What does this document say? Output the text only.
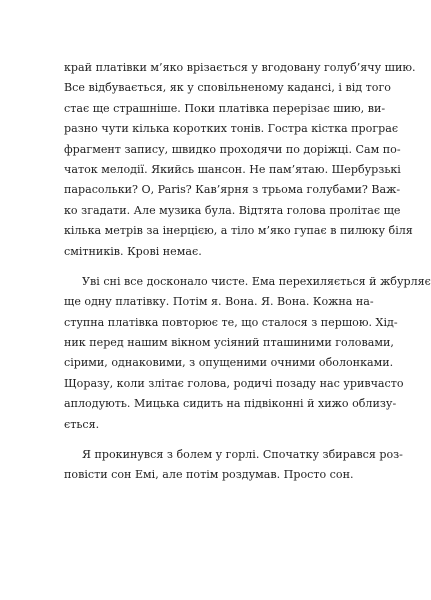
край платівки м’яко врізається у вгодовану голуб’ячу шию.
Все відбувається, як у сповільненому кадансі, і від того
стає ще страшніше. Поки платівка перерізає шию, ви-
разно чути кілька коротких тонів. Гостра кістка програє
фрагмент запису, швидко проходячи по доріжці. Сам по-
чаток мелодії. Якийсь шансон. Не пам’ятаю. Шербурзькі
парасольки? О, Paris? Кав’ярня з трьома голубами? Важ-
ко згадати. Але музика була. Відтята голова пролітає ще
кілька метрів за інерцією, а тіло м’яко гупає в пилюку біля
смітників. Крові немає.
Уві сні все досконало чисте. Ема перехиляється й жбурляє
ще одну платівку. Потім я. Вона. Я. Вона. Кожна на-
ступна платівка повторює те, що сталося з першою. Хід-
ник перед нашим вікном усіяний пташиними головами,
сірими, однаковими, з опущеними очними оболонками.
Щоразу, коли злітає голова, родичі позаду нас уривчасто
аплодують. Мицька сидить на підвіконні й хижо облизу-
ється.
Я прокинувся з болем у горлі. Спочатку збирався роз-
повісти сон Емі, але потім роздумав. Просто сон.
